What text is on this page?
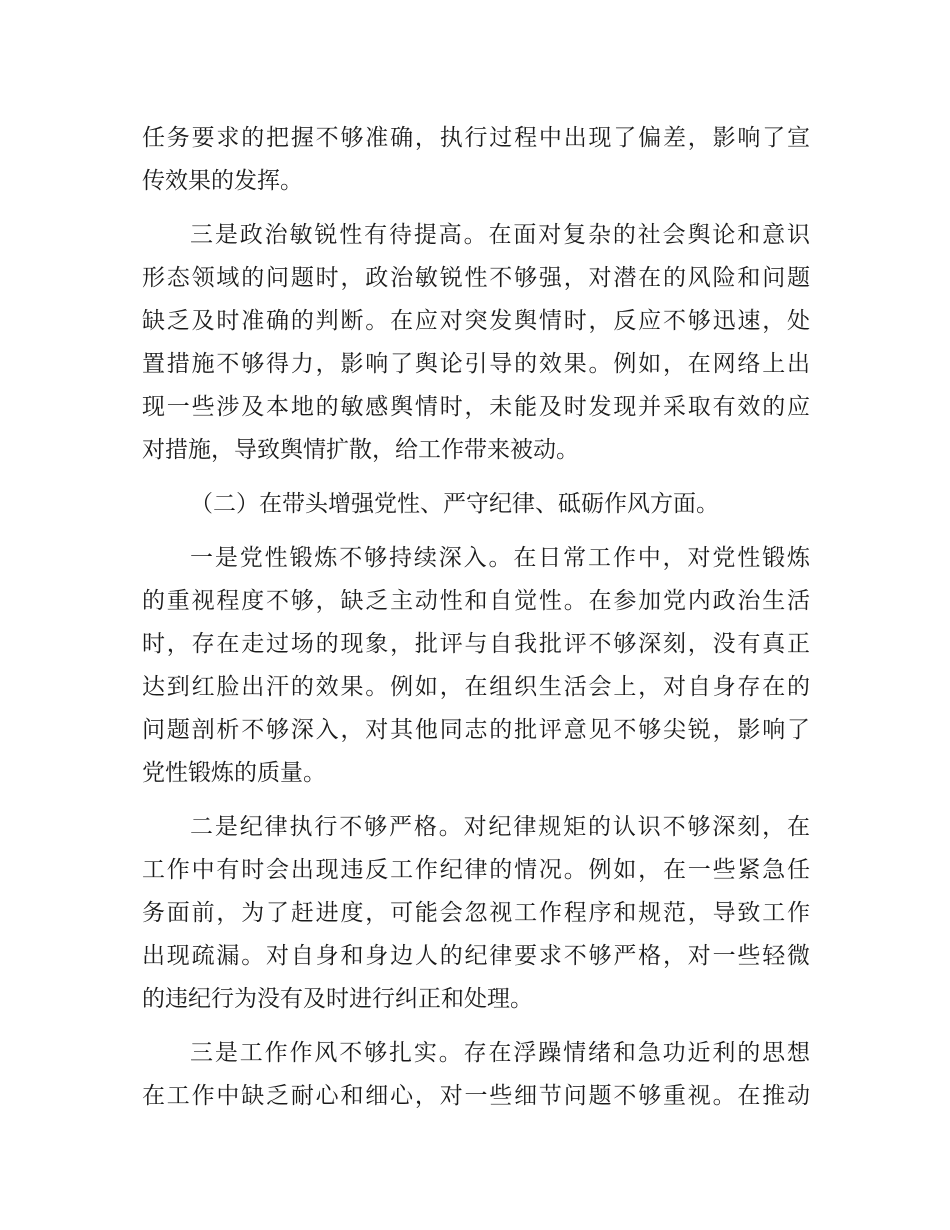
任务要求的把握不够准确，执行过程中出现了偏差，影响了宣

传效果的发挥。

三是政治敏锐性有待提高。在面对复杂的社会舆论和意识

形态领域的问题时，政治敏锐性不够强，对潜在的风险和问题

缺乏及时准确的判断。在应对突发舆情时，反应不够迅速，处

置措施不够得力，影响了舆论引导的效果。例如，在网络上出

现一些涉及本地的敏感舆情时，未能及时发现并采取有效的应

对措施，导致舆情扩散，给工作带来被动。

（二）在带头增强党性、严守纪律、砥砺作风方面。

一是党性锻炼不够持续深入。在日常工作中，对党性锻炼

的重视程度不够，缺乏主动性和自觉性。在参加党内政治生活

时，存在走过场的现象，批评与自我批评不够深刻，没有真正

达到红脸出汗的效果。例如，在组织生活会上，对自身存在的

问题剖析不够深入，对其他同志的批评意见不够尖锐，影响了

党性锻炼的质量。

二是纪律执行不够严格。对纪律规矩的认识不够深刻，在

工作中有时会出现违反工作纪律的情况。例如，在一些紧急任

务面前，为了赶进度，可能会忽视工作程序和规范，导致工作

出现疏漏。对自身和身边人的纪律要求不够严格，对一些轻微

的违纪行为没有及时进行纠正和处理。

三是工作作风不够扎实。存在浮躁情绪和急功近利的思想

在工作中缺乏耐心和细心，对一些细节问题不够重视。在推动
